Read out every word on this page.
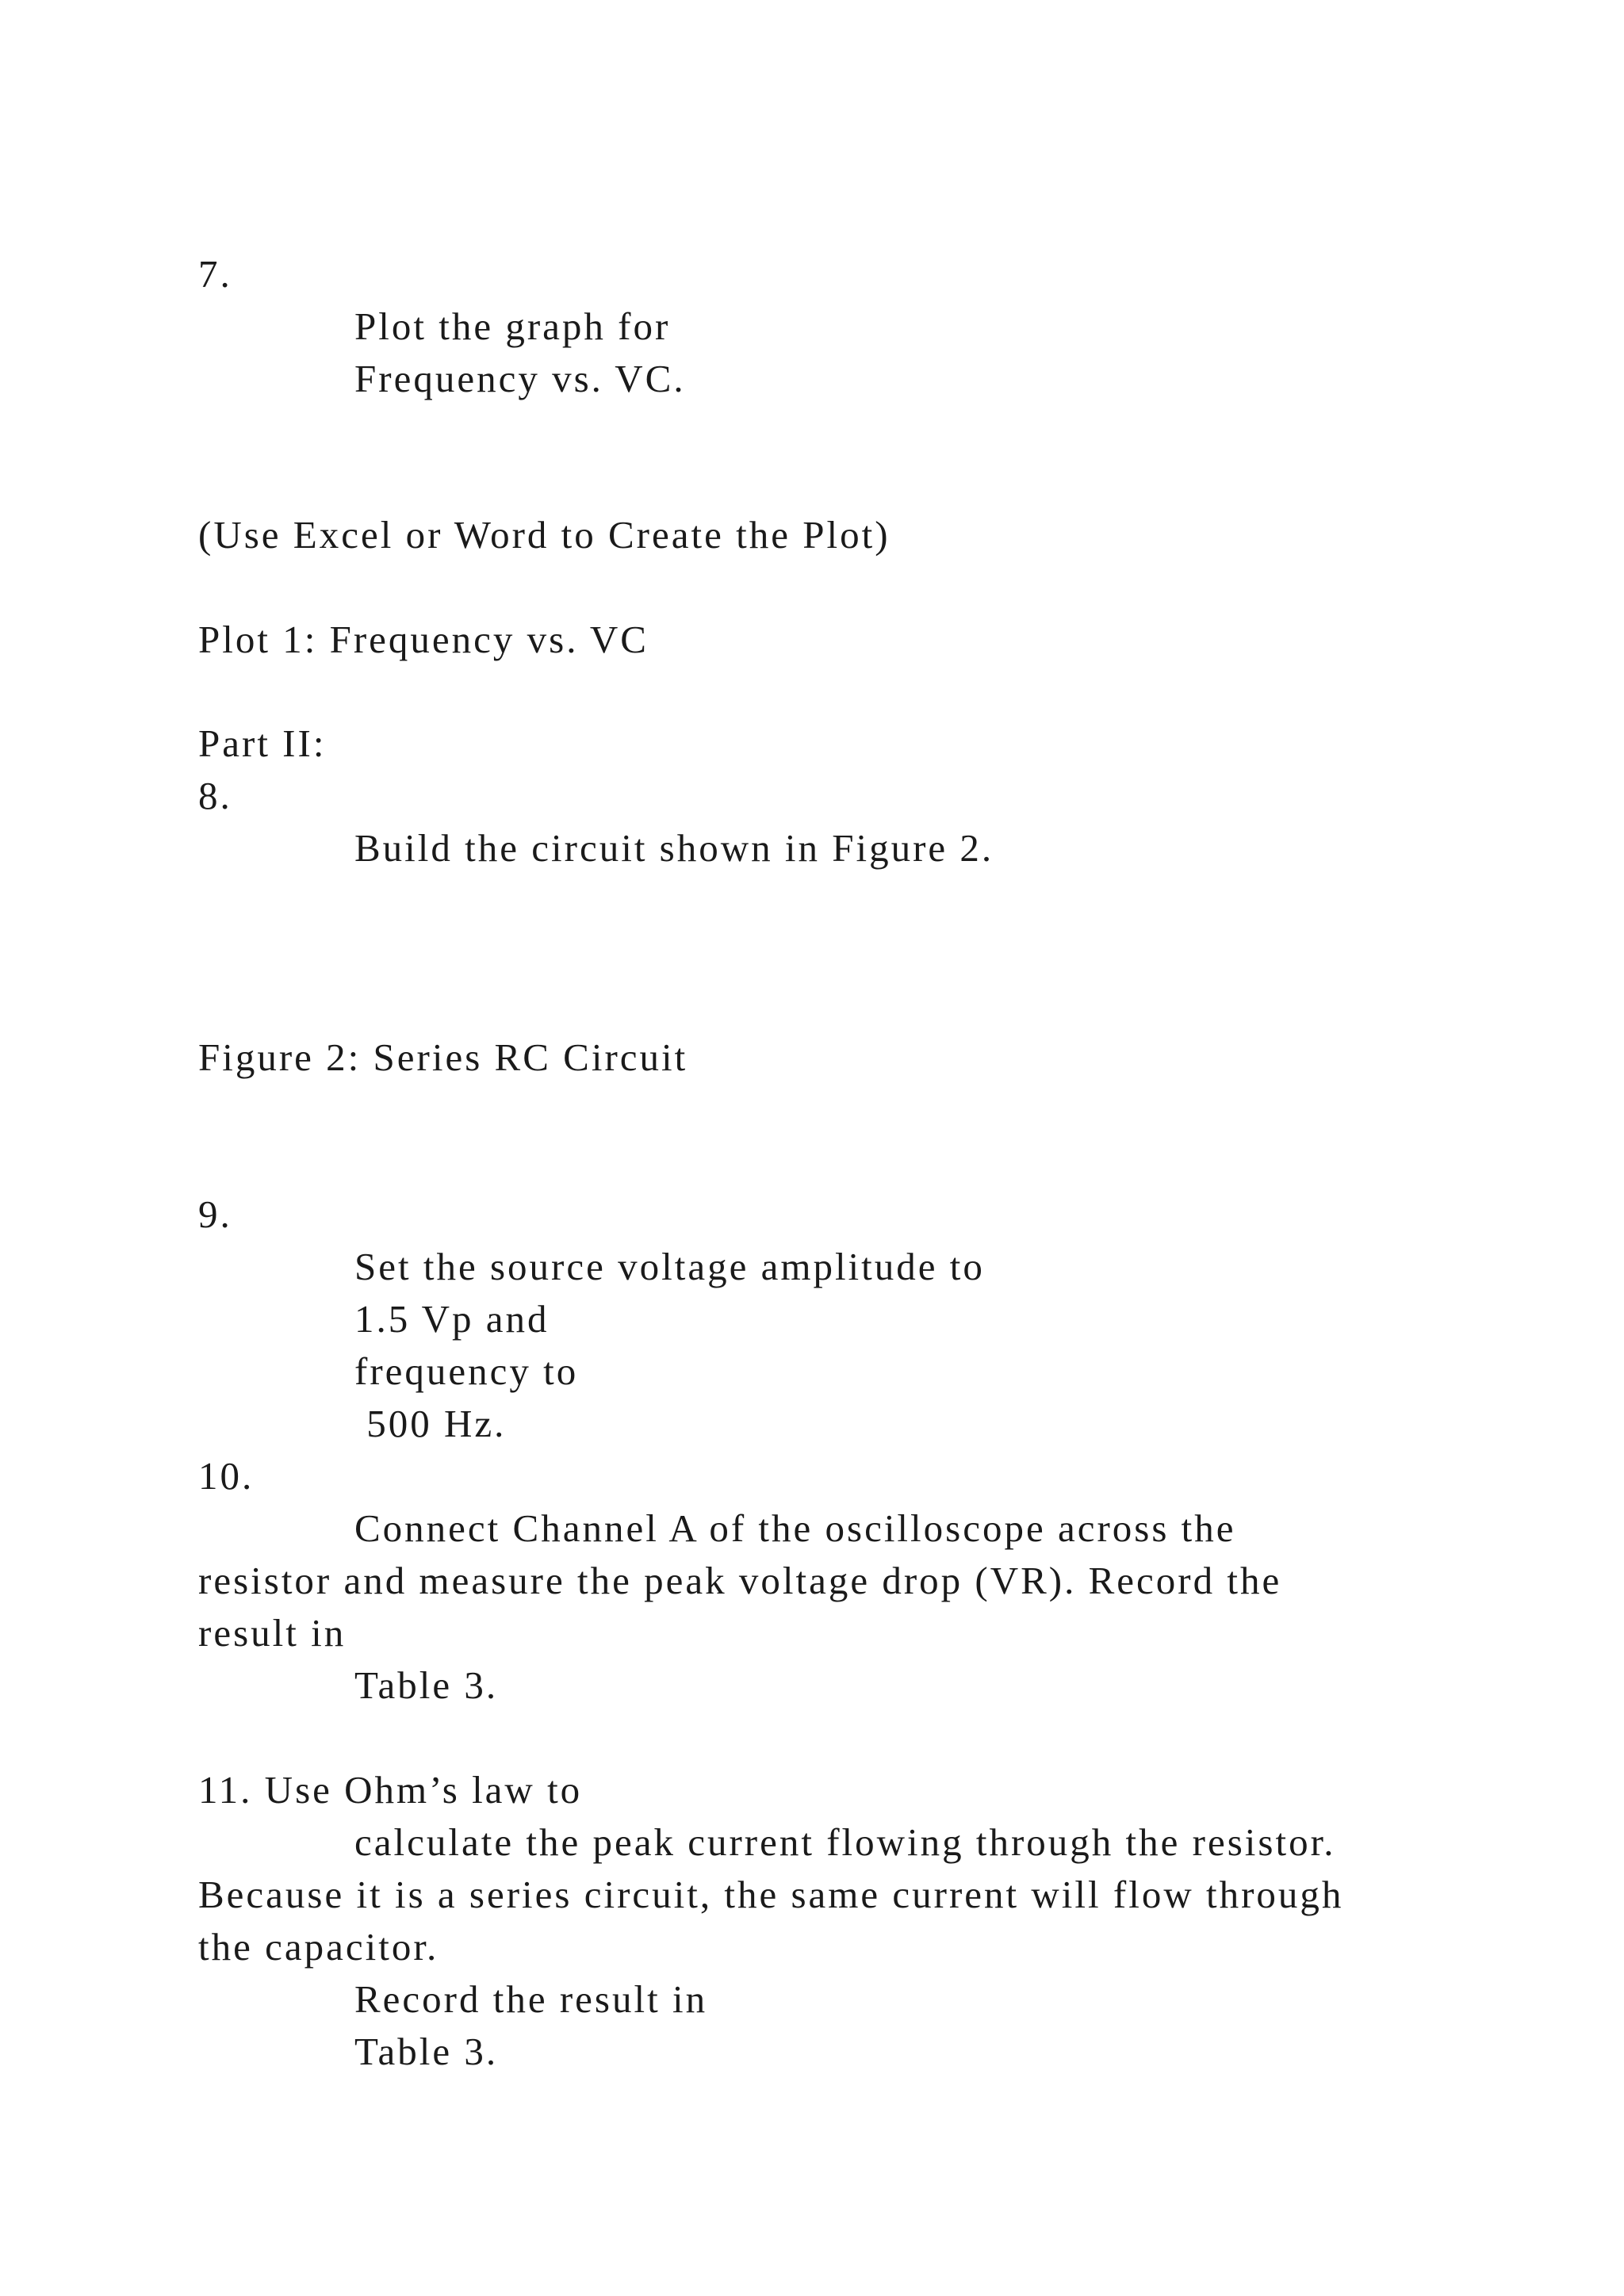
7.

Plot the graph for

Frequency vs. VC.

(Use Excel or Word to Create the Plot)

Plot 1: Frequency vs. VC

Part II:

8.

Build the circuit shown in Figure 2.

Figure 2: Series RC Circuit

9.

Set the source voltage amplitude to

1.5 Vp and

frequency to

500 Hz.

10.

Connect Channel A of the oscilloscope across the

resistor and measure the peak voltage drop (VR). Record the

result in

Table 3.

11. Use Ohm’s law to

calculate the peak current flowing through the resistor.

Because it is a series circuit, the same current will flow through

the capacitor.

Record the result in

Table 3.
